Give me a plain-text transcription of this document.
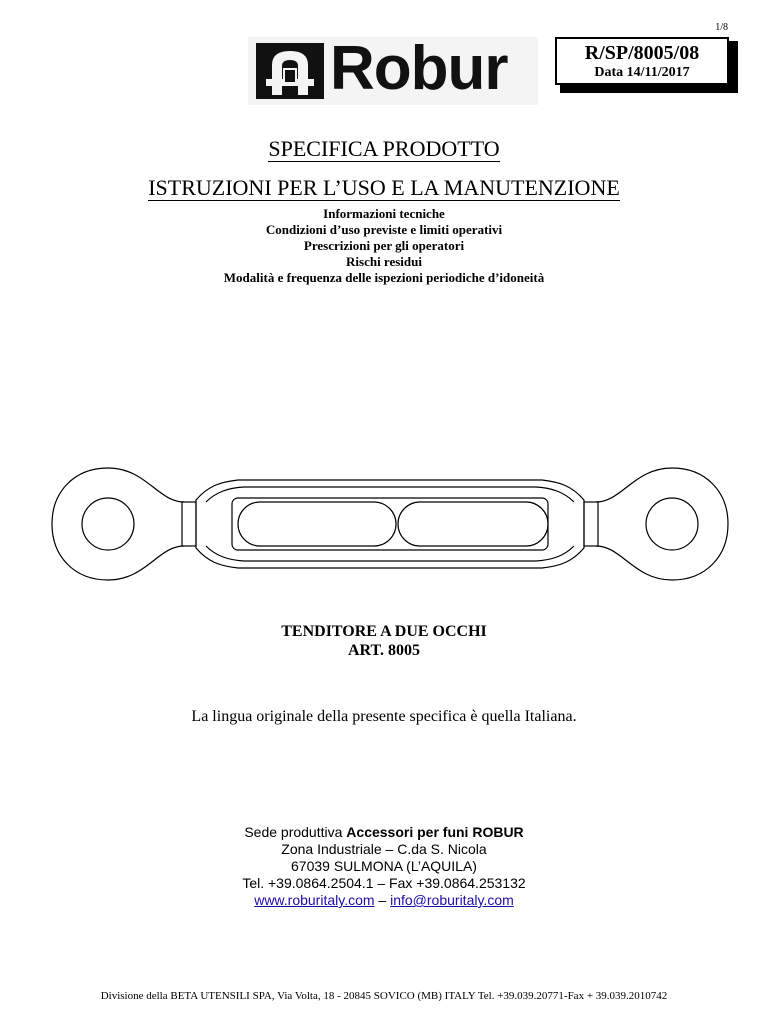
1/8
Robur	R/SP/8005/08
Data 14/11/2017
SPECIFICA PRODOTTO
ISTRUZIONI PER L’USO E LA MANUTENZIONE
Informazioni tecniche
Condizioni d’uso previste e limiti operativi
Prescrizioni per gli operatori
Rischi residui
Modalità e frequenza delle ispezioni periodiche d’idoneità
TENDITORE A DUE OCCHI
ART. 8005
La lingua originale della presente specifica è quella Italiana.
Sede produttiva Accessori per funi ROBUR
Zona Industriale – C.da S. Nicola
67039 SULMONA (L’AQUILA)
Tel. +39.0864.2504.1 – Fax +39.0864.253132
www.roburitaly.com – info@roburitaly.com
Divisione della BETA UTENSILI SPA, Via Volta, 18 - 20845 SOVICO (MB) ITALY Tel. +39.039.20771-Fax + 39.039.2010742
